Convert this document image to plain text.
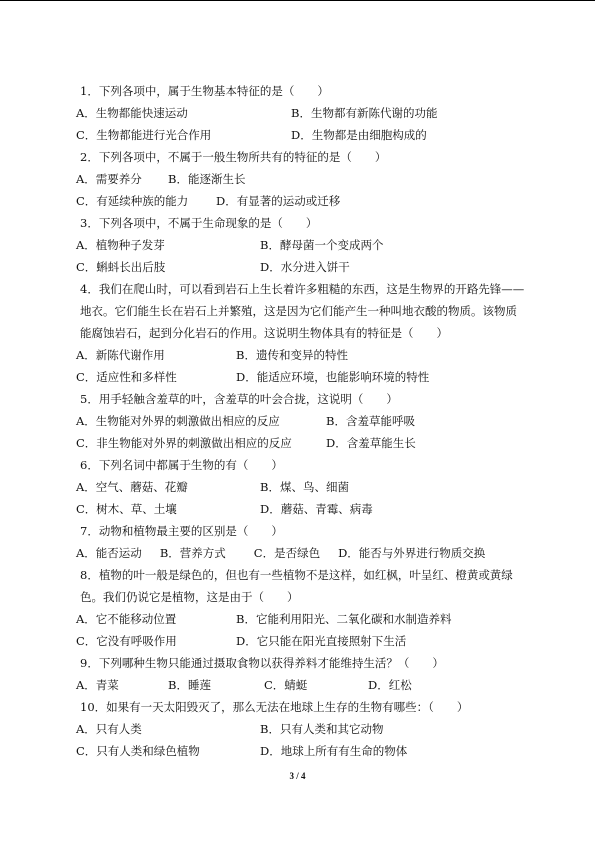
1．下列各项中，属于生物基本特征的是（　　）
A．生物都能快速运动	B．生物都有新陈代谢的功能
C．生物都能进行光合作用	D．生物都是由细胞构成的
2．下列各项中，不属于一般生物所共有的特征的是（　　）
A．需要养分	B．能逐渐生长
C．有延续种族的能力	D．有显著的运动或迁移
3．下列各项中，不属于生命现象的是（　　）
A．植物种子发芽	B．酵母菌一个变成两个
C．蝌蚪长出后肢	D．水分进入饼干
4．我们在爬山时，可以看到岩石上生长着许多粗糙的东西，这是生物界的开路先锋——地衣。它们能生长在岩石上并繁殖，这是因为它们能产生一种叫地衣酸的物质。该物质能腐蚀岩石，起到分化岩石的作用。这说明生物体具有的特征是（　　）
A．新陈代谢作用	B．遗传和变异的特性
C．适应性和多样性	D．能适应环境，也能影响环境的特性
5．用手轻触含羞草的叶，含羞草的叶会合拢，这说明（　　）
A．生物能对外界的刺激做出相应的反应	B．含羞草能呼吸
C．非生物能对外界的刺激做出相应的反应	D．含羞草能生长
6．下列名词中都属于生物的有（　　）
A．空气、蘑菇、花瓣	B．煤、鸟、细菌
C．树木、草、土壤	D．蘑菇、青霉、病毒
7．动物和植物最主要的区别是（　　）
A．能否运动	B．营养方式	C．是否绿色	D．能否与外界进行物质交换
8．植物的叶一般是绿色的，但也有一些植物不是这样，如红枫，叶呈红、橙黄或黄绿色。我们仍说它是植物，这是由于（　　）
A．它不能移动位置	B．它能利用阳光、二氧化碳和水制造养料
C．它没有呼吸作用	D．它只能在阳光直接照射下生活
9．下列哪种生物只能通过摄取食物以获得养料才能维持生活？（　　）
A．青菜	B．睡莲	C．蜻蜓	D．红松
10．如果有一天太阳毁灭了，那么无法在地球上生存的生物有哪些：（　　）
A．只有人类	B．只有人类和其它动物
C．只有人类和绿色植物	D．地球上所有有生命的物体
3 / 4
